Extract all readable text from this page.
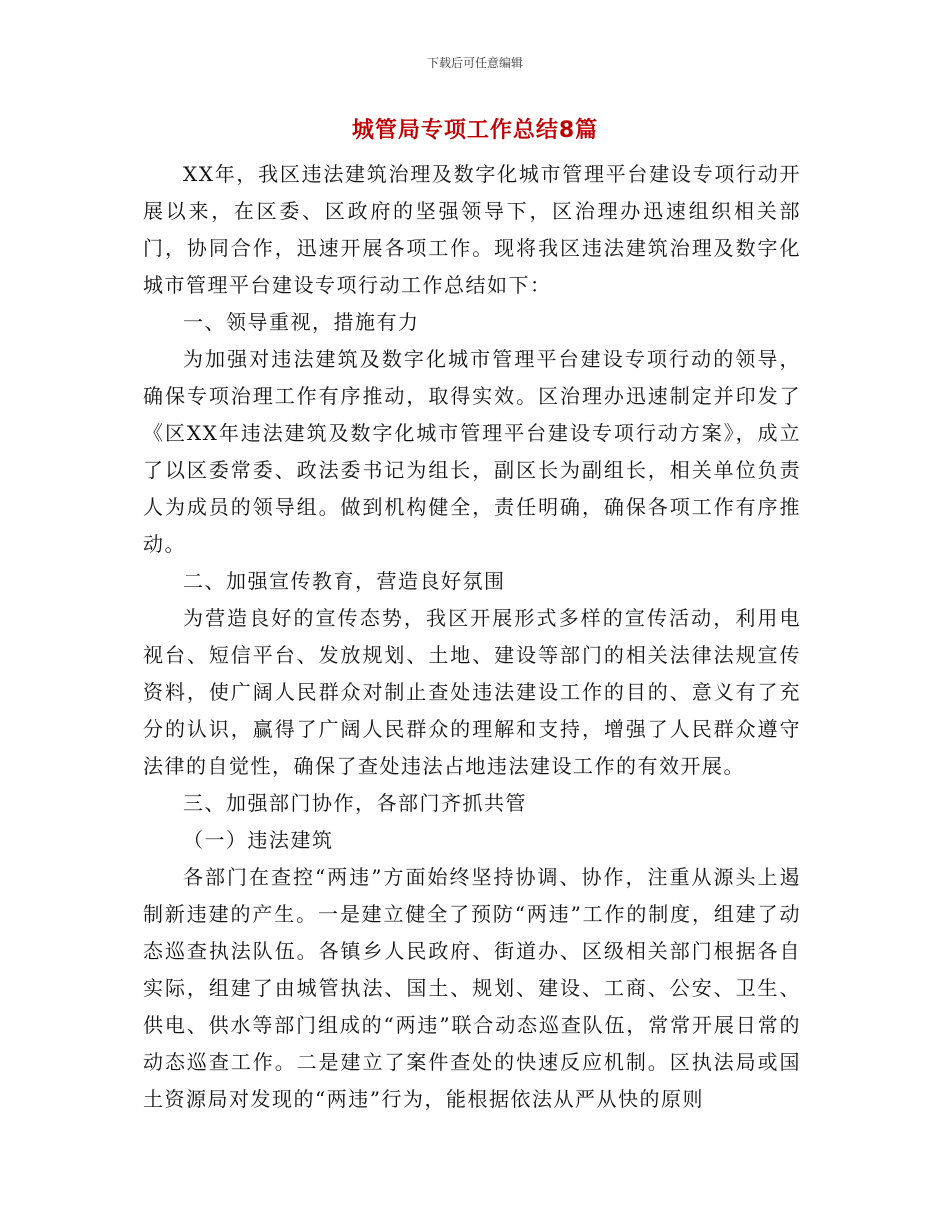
下载后可任意编辑
城管局专项工作总结8篇

XX年，我区违法建筑治理及数字化城市管理平台建设专项行动开展以来，在区委、区政府的坚强领导下，区治理办迅速组织相关部门，协同合作，迅速开展各项工作。现将我区违法建筑治理及数字化城市管理平台建设专项行动工作总结如下：

一、领导重视，措施有力

为加强对违法建筑及数字化城市管理平台建设专项行动的领导，确保专项治理工作有序推动，取得实效。区治理办迅速制定并印发了《区XX年违法建筑及数字化城市管理平台建设专项行动方案》，成立了以区委常委、政法委书记为组长，副区长为副组长，相关单位负责人为成员的领导组。做到机构健全，责任明确，确保各项工作有序推动。

二、加强宣传教育，营造良好氛围

为营造良好的宣传态势，我区开展形式多样的宣传活动，利用电视台、短信平台、发放规划、土地、建设等部门的相关法律法规宣传资料，使广阔人民群众对制止查处违法建设工作的目的、意义有了充分的认识，赢得了广阔人民群众的理解和支持，增强了人民群众遵守法律的自觉性，确保了查处违法占地违法建设工作的有效开展。

三、加强部门协作，各部门齐抓共管

（一）违法建筑

各部门在查控“两违”方面始终坚持协调、协作，注重从源头上遏制新违建的产生。一是建立健全了预防“两违”工作的制度，组建了动态巡查执法队伍。各镇乡人民政府、街道办、区级相关部门根据各自实际，组建了由城管执法、国土、规划、建设、工商、公安、卫生、供电、供水等部门组成的“两违”联合动态巡查队伍，常常开展日常的动态巡查工作。二是建立了案件查处的快速反应机制。区执法局或国土资源局对发现的“两违”行为，能根据依法从严从快的原则
